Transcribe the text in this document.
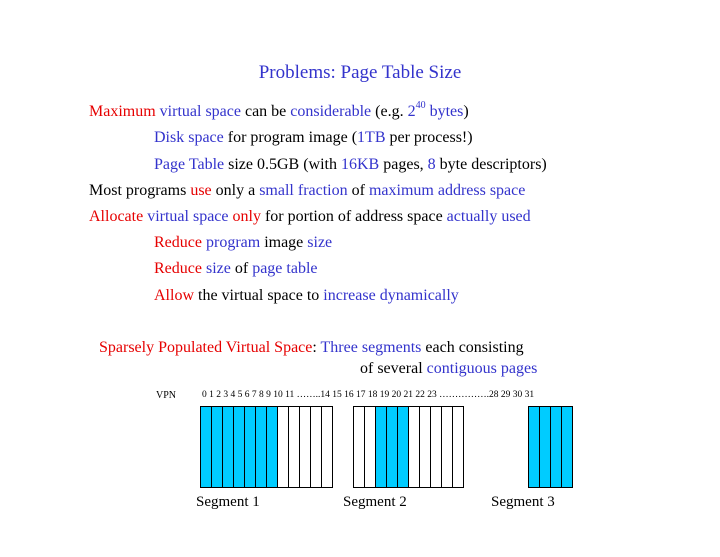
Problems: Page Table Size
Maximum virtual space can be considerable (e.g. $2^{40}$ bytes)
Disk space for program image (1TB per process!)
Page Table size 0.5GB (with 16KB pages, 8 byte descriptors)
Most programs use only a small fraction of maximum address space
Allocate virtual space only for portion of address space actually used
Reduce program image size
Reduce size of page table
Allow the virtual space to increase dynamically
Sparsely Populated Virtual Space: Three segments each consisting
of several contiguous pages
VPN	0 1 2 3 4 5 6 7 8 9 10 11 ……..14 15 16 17 18 19 20 21 22 23 …………….28 29 30 31
Segment 1	Segment 2	Segment 3
